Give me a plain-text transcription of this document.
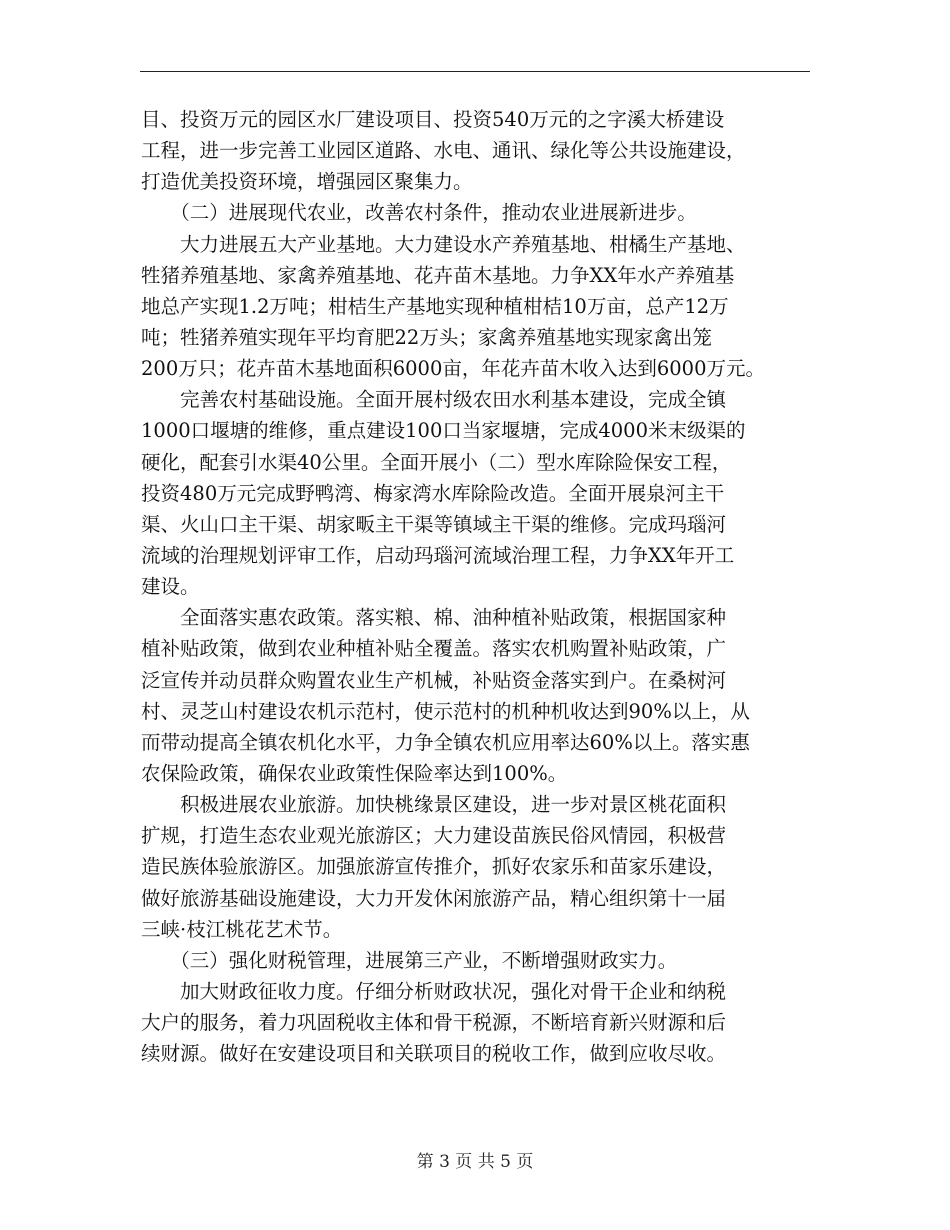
目、投资万元的园区水厂建设项目、投资540万元的之字溪大桥建设
工程，进一步完善工业园区道路、水电、通讯、绿化等公共设施建设，
打造优美投资环境，增强园区聚集力。
　　（二）进展现代农业，改善农村条件，推动农业进展新进步。
　　大力进展五大产业基地。大力建设水产养殖基地、柑橘生产基地、
牲猪养殖基地、家禽养殖基地、花卉苗木基地。力争XX年水产养殖基
地总产实现1.2万吨；柑桔生产基地实现种植柑桔10万亩，总产12万
吨；牲猪养殖实现年平均育肥22万头；家禽养殖基地实现家禽出笼
200万只；花卉苗木基地面积6000亩，年花卉苗木收入达到6000万元。
　　完善农村基础设施。全面开展村级农田水利基本建设，完成全镇
1000口堰塘的维修，重点建设100口当家堰塘，完成4000米末级渠的
硬化，配套引水渠40公里。全面开展小（二）型水库除险保安工程，
投资480万元完成野鸭湾、梅家湾水库除险改造。全面开展泉河主干
渠、火山口主干渠、胡家畈主干渠等镇域主干渠的维修。完成玛瑙河
流域的治理规划评审工作，启动玛瑙河流域治理工程，力争XX年开工
建设。
　　全面落实惠农政策。落实粮、棉、油种植补贴政策，根据国家种
植补贴政策，做到农业种植补贴全覆盖。落实农机购置补贴政策，广
泛宣传并动员群众购置农业生产机械，补贴资金落实到户。在桑树河
村、灵芝山村建设农机示范村，使示范村的机种机收达到90%以上，从
而带动提高全镇农机化水平，力争全镇农机应用率达60%以上。落实惠
农保险政策，确保农业政策性保险率达到100%。
　　积极进展农业旅游。加快桃缘景区建设，进一步对景区桃花面积
扩规，打造生态农业观光旅游区；大力建设苗族民俗风情园，积极营
造民族体验旅游区。加强旅游宣传推介，抓好农家乐和苗家乐建设，
做好旅游基础设施建设，大力开发休闲旅游产品，精心组织第十一届
三峡·枝江桃花艺术节。
　　（三）强化财税管理，进展第三产业，不断增强财政实力。
　　加大财政征收力度。仔细分析财政状况，强化对骨干企业和纳税
大户的服务，着力巩固税收主体和骨干税源，不断培育新兴财源和后
续财源。做好在安建设项目和关联项目的税收工作，做到应收尽收。
第 3 页 共 5 页
